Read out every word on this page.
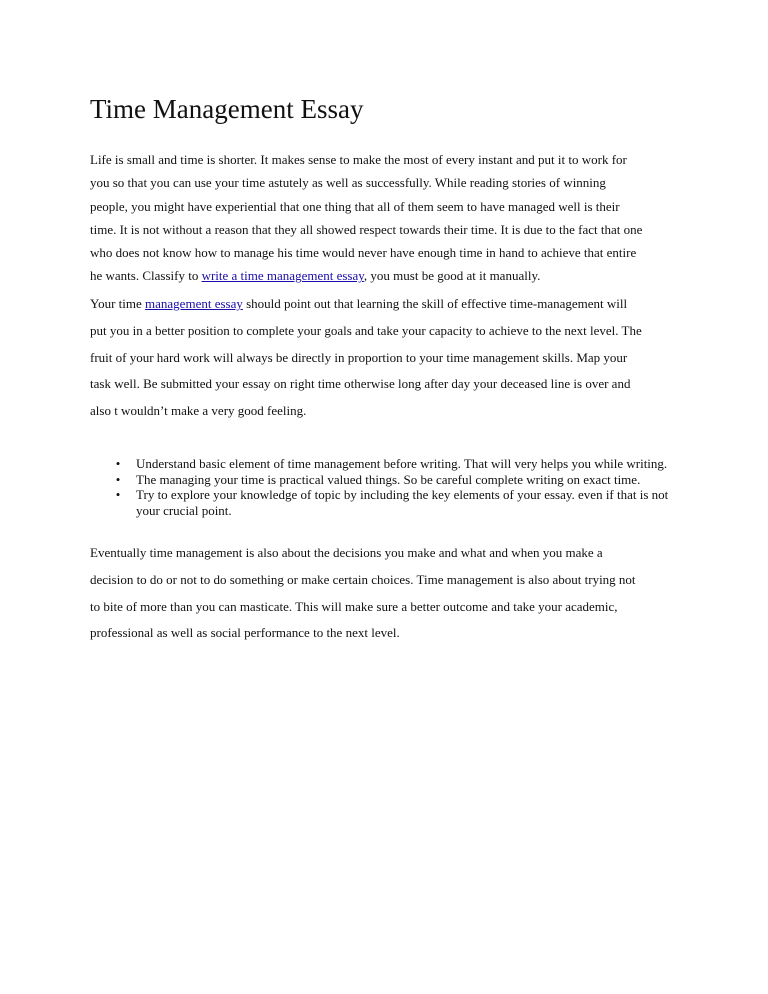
Time Management Essay

Life is small and time is shorter. It makes sense to make the most of every instant and put it to work for
you so that you can use your time astutely as well as successfully. While reading stories of winning
people, you might have experiential that one thing that all of them seem to have managed well is their
time. It is not without a reason that they all showed respect towards their time. It is due to the fact that one
who does not know how to manage his time would never have enough time in hand to achieve that entire
he wants. Classify to write a time management essay, you must be good at it manually.

Your time management essay should point out that learning the skill of effective time-management will
put you in a better position to complete your goals and take your capacity to achieve to the next level. The
fruit of your hard work will always be directly in proportion to your time management skills. Map your
task well. Be submitted your essay on right time otherwise long after day your deceased line is over and
also t wouldn’t make a very good feeling.

• Understand basic element of time management before writing. That will very helps you while writing.
• The managing your time is practical valued things. So be careful complete writing on exact time.
• Try to explore your knowledge of topic by including the key elements of your essay. even if that is not your crucial point.

Eventually time management is also about the decisions you make and what and when you make a
decision to do or not to do something or make certain choices. Time management is also about trying not
to bite of more than you can masticate. This will make sure a better outcome and take your academic,
professional as well as social performance to the next level.
